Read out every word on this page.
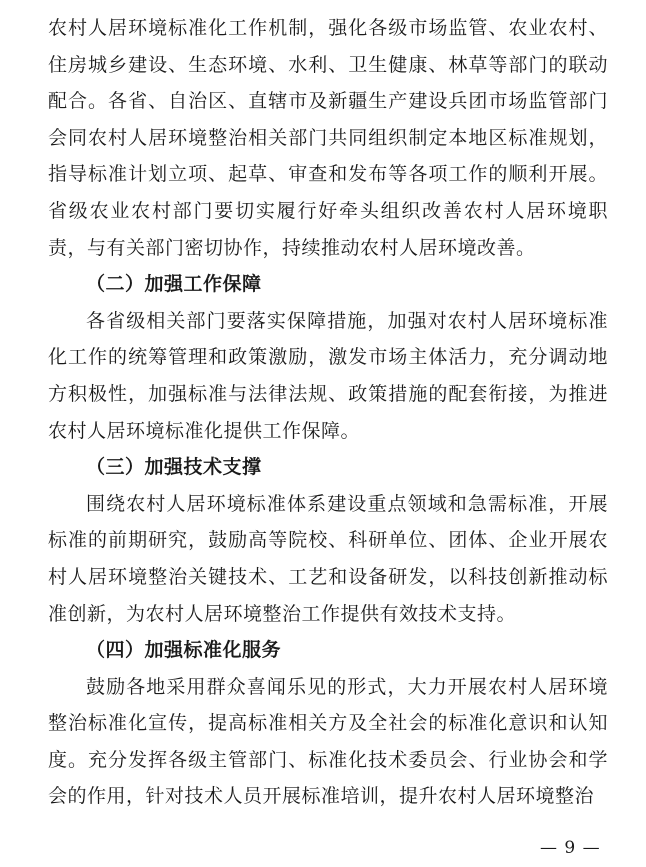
农村人居环境标准化工作机制，强化各级市场监管、农业农村、住房城乡建设、生态环境、水利、卫生健康、林草等部门的联动配合。各省、自治区、直辖市及新疆生产建设兵团市场监管部门会同农村人居环境整治相关部门共同组织制定本地区标准规划，指导标准计划立项、起草、审查和发布等各项工作的顺利开展。省级农业农村部门要切实履行好牵头组织改善农村人居环境职责，与有关部门密切协作，持续推动农村人居环境改善。

（二）加强工作保障

各省级相关部门要落实保障措施，加强对农村人居环境标准化工作的统筹管理和政策激励，激发市场主体活力，充分调动地方积极性，加强标准与法律法规、政策措施的配套衔接，为推进农村人居环境标准化提供工作保障。

（三）加强技术支撑

围绕农村人居环境标准体系建设重点领域和急需标准，开展标准的前期研究，鼓励高等院校、科研单位、团体、企业开展农村人居环境整治关键技术、工艺和设备研发，以科技创新推动标准创新，为农村人居环境整治工作提供有效技术支持。

（四）加强标准化服务

鼓励各地采用群众喜闻乐见的形式，大力开展农村人居环境整治标准化宣传，提高标准相关方及全社会的标准化意识和认知度。充分发挥各级主管部门、标准化技术委员会、行业协会和学会的作用，针对技术人员开展标准培训，提升农村人居环境整治

— 9 —
